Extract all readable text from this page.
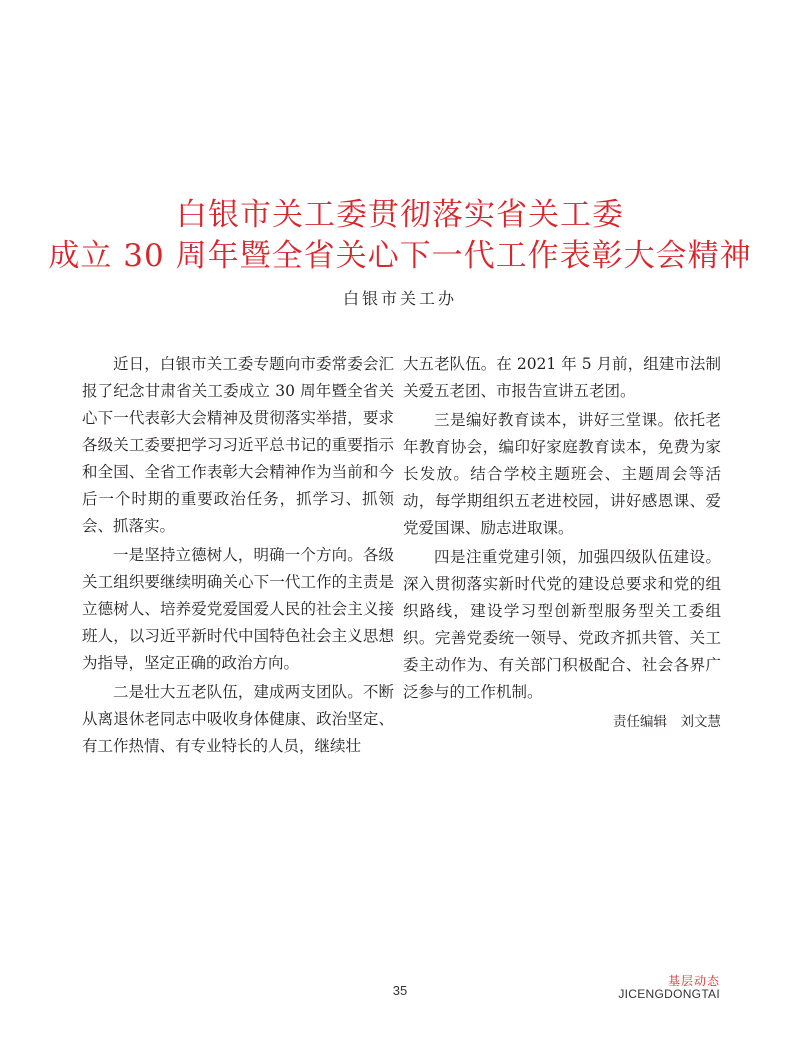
白银市关工委贯彻落实省关工委
成立 30 周年暨全省关心下一代工作表彰大会精神
白银市关工办

近日，白银市关工委专题向市委常委会汇报了纪念甘肃省关工委成立 30 周年暨全省关心下一代表彰大会精神及贯彻落实举措，要求各级关工委要把学习习近平总书记的重要指示和全国、全省工作表彰大会精神作为当前和今后一个时期的重要政治任务，抓学习、抓领会、抓落实。

一是坚持立德树人，明确一个方向。各级关工组织要继续明确关心下一代工作的主责是立德树人、培养爱党爱国爱人民的社会主义接班人，以习近平新时代中国特色社会主义思想为指导，坚定正确的政治方向。

二是壮大五老队伍，建成两支团队。不断从离退休老同志中吸收身体健康、政治坚定、有工作热情、有专业特长的人员，继续壮

大五老队伍。在 2021 年 5 月前，组建市法制关爱五老团、市报告宣讲五老团。

三是编好教育读本，讲好三堂课。依托老年教育协会，编印好家庭教育读本，免费为家长发放。结合学校主题班会、主题周会等活动，每学期组织五老进校园，讲好感恩课、爱党爱国课、励志进取课。

四是注重党建引领，加强四级队伍建设。深入贯彻落实新时代党的建设总要求和党的组织路线，建设学习型创新型服务型关工委组织。完善党委统一领导、党政齐抓共管、关工委主动作为、有关部门积极配合、社会各界广泛参与的工作机制。

责任编辑　刘文慧
35
基层动态
JICENGDONGTAI
